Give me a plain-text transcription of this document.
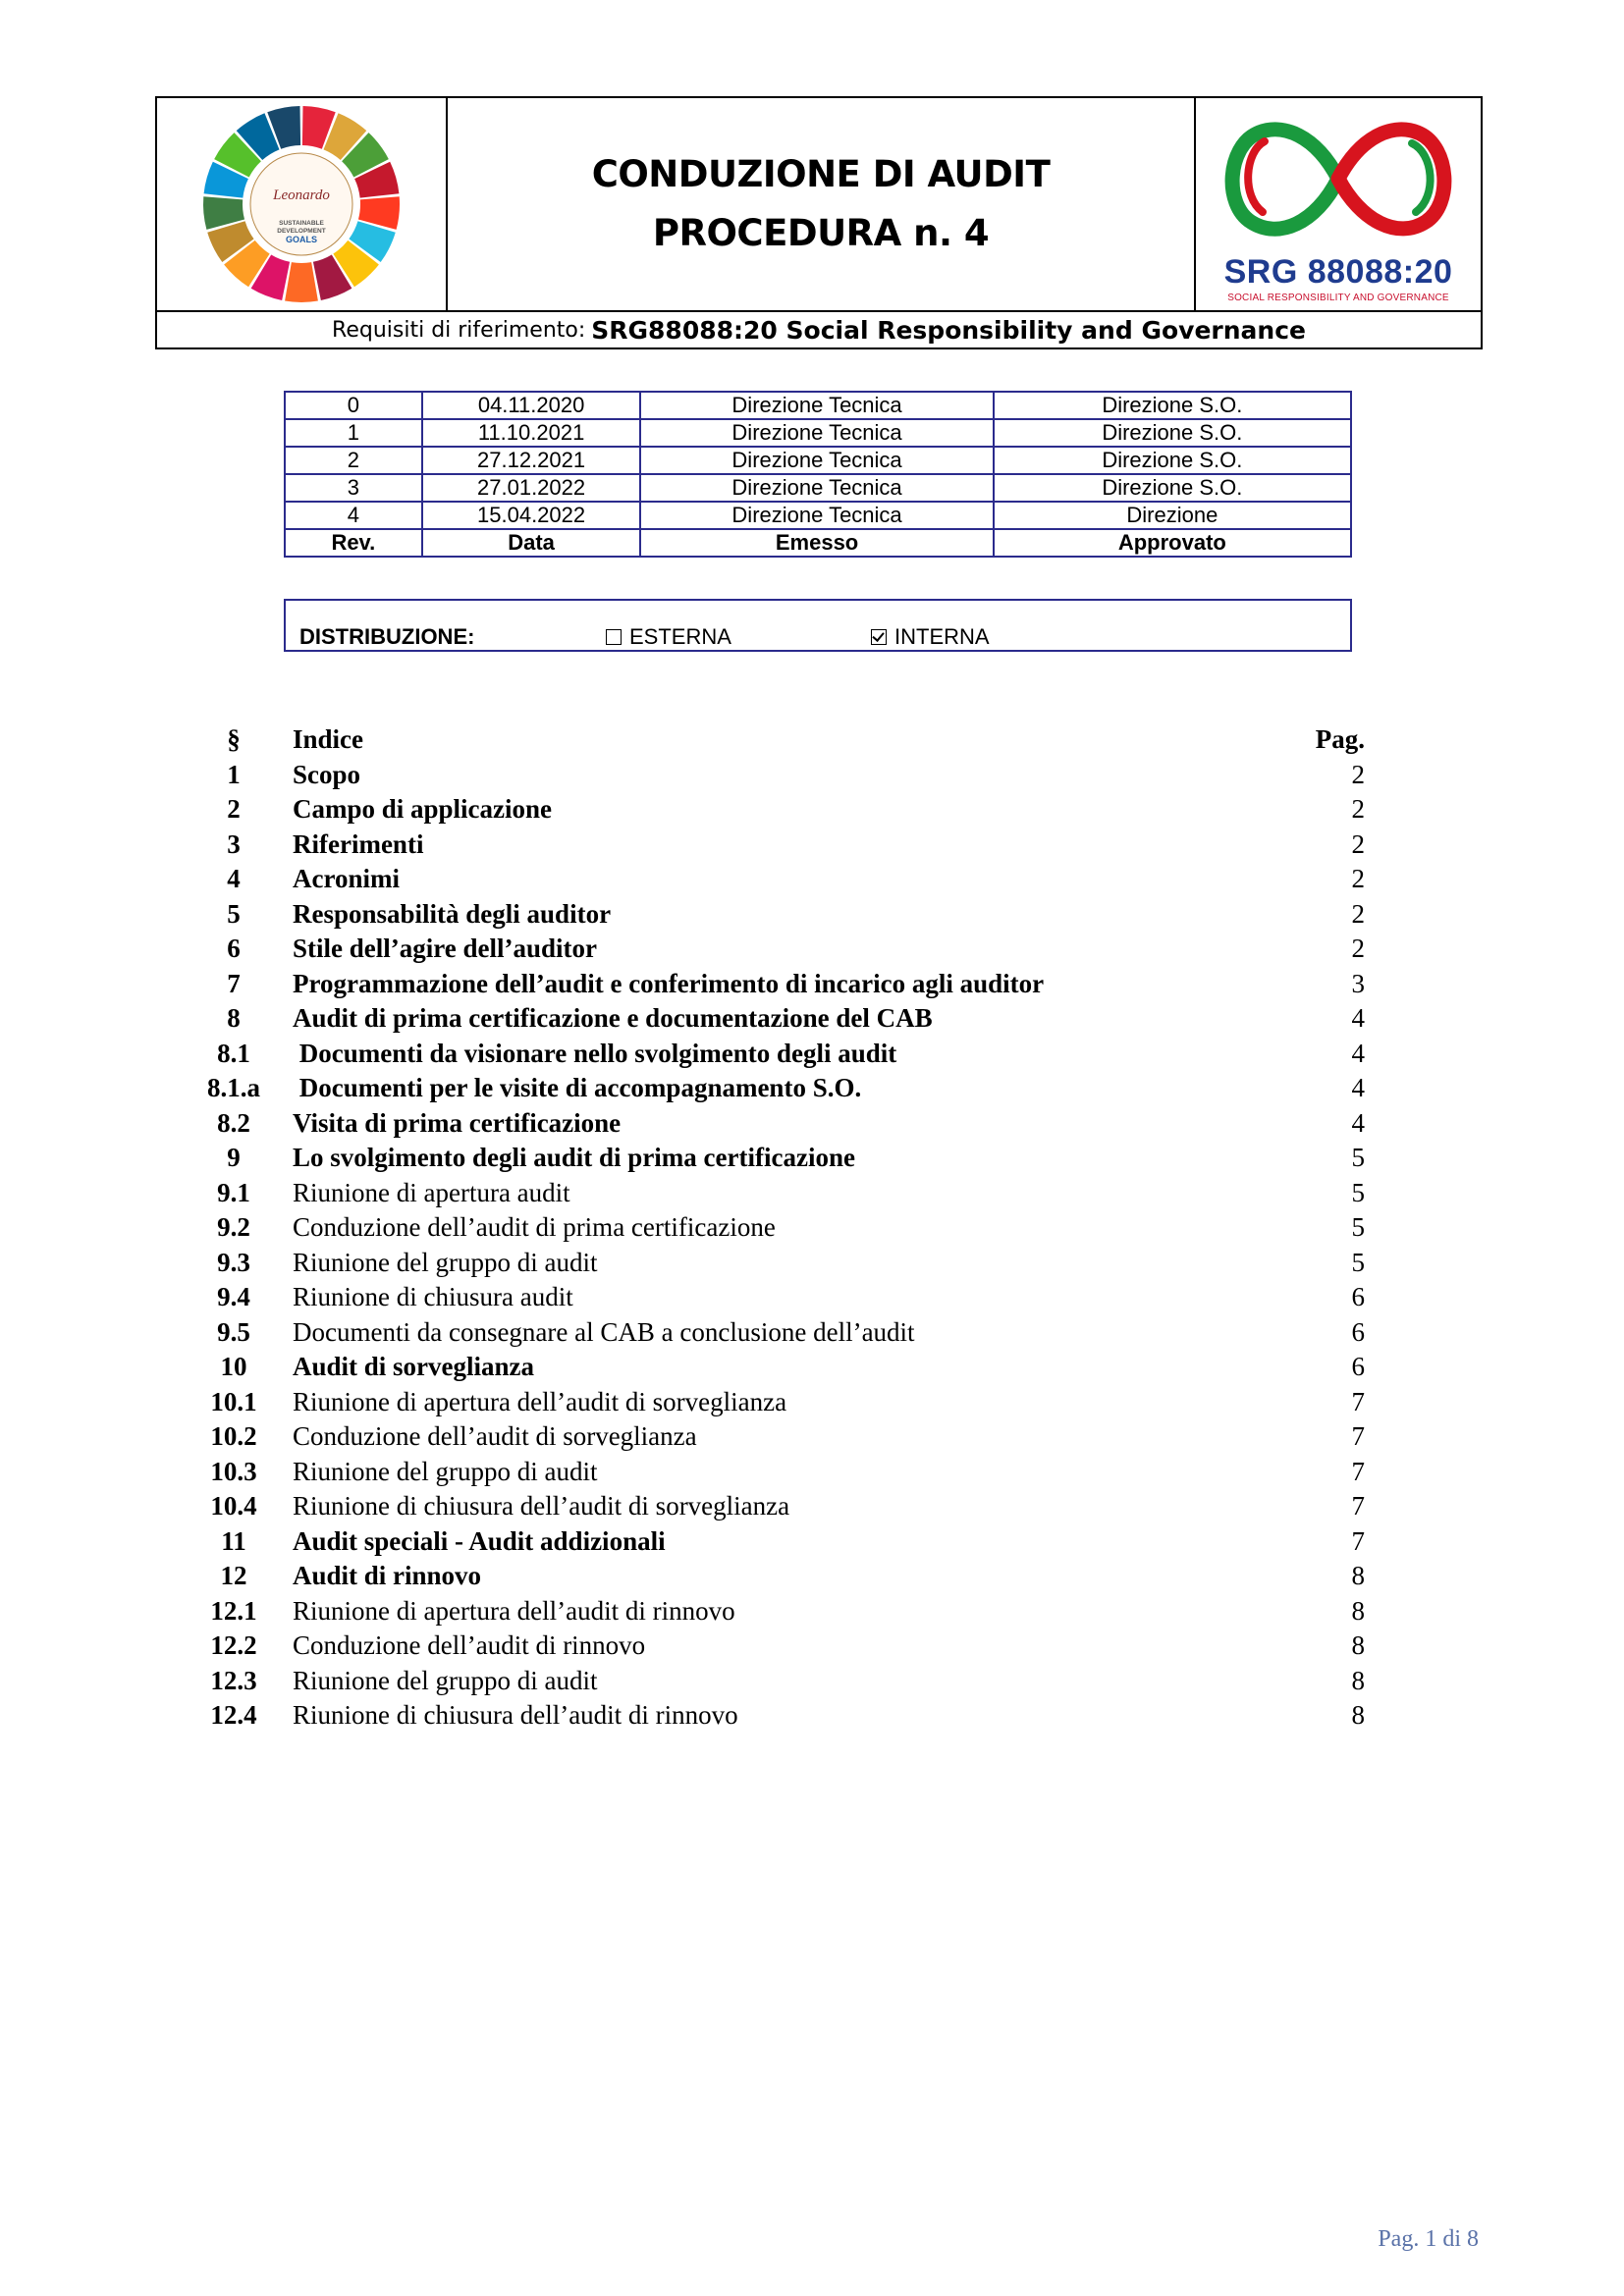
Leonardo
SUSTAINABLE
DEVELOPMENT
GOALS
CONDUZIONE DI AUDIT
PROCEDURA n. 4
SRG 88088:20
SOCIAL RESPONSIBILITY AND GOVERNANCE
Requisiti di riferimento: SRG88088:20 Social Responsibility and Governance
0	04.11.2020	Direzione Tecnica	Direzione S.O.
1	11.10.2021	Direzione Tecnica	Direzione S.O.
2	27.12.2021	Direzione Tecnica	Direzione S.O.
3	27.01.2022	Direzione Tecnica	Direzione S.O.
4	15.04.2022	Direzione Tecnica	Direzione
Rev.	Data	Emesso	Approvato
DISTRIBUZIONE:	ESTERNA	INTERNA
§	Indice	Pag.
1	Scopo	2
2	Campo di applicazione	2
3	Riferimenti	2
4	Acronimi	2
5	Responsabilità degli auditor	2
6	Stile dell’agire dell’auditor	2
7	Programmazione dell’audit e conferimento di incarico agli auditor	3
8	Audit di prima certificazione e documentazione del CAB	4
8.1	Documenti da visionare nello svolgimento degli audit	4
8.1.a	Documenti per le visite di accompagnamento S.O.	4
8.2	Visita di prima certificazione	4
9	Lo svolgimento degli audit di prima certificazione	5
9.1	Riunione di apertura audit	5
9.2	Conduzione dell’audit di prima certificazione	5
9.3	Riunione del gruppo di audit	5
9.4	Riunione di chiusura audit	6
9.5	Documenti da consegnare al CAB a conclusione dell’audit	6
10	Audit di sorveglianza	6
10.1	Riunione di apertura dell’audit di sorveglianza	7
10.2	Conduzione dell’audit di sorveglianza	7
10.3	Riunione del gruppo di audit	7
10.4	Riunione di chiusura dell’audit di sorveglianza	7
11	Audit speciali - Audit addizionali	7
12	Audit di rinnovo	8
12.1	Riunione di apertura dell’audit di rinnovo	8
12.2	Conduzione dell’audit di rinnovo	8
12.3	Riunione del gruppo di audit	8
12.4	Riunione di chiusura dell’audit di rinnovo	8
Pag. 1 di 8
